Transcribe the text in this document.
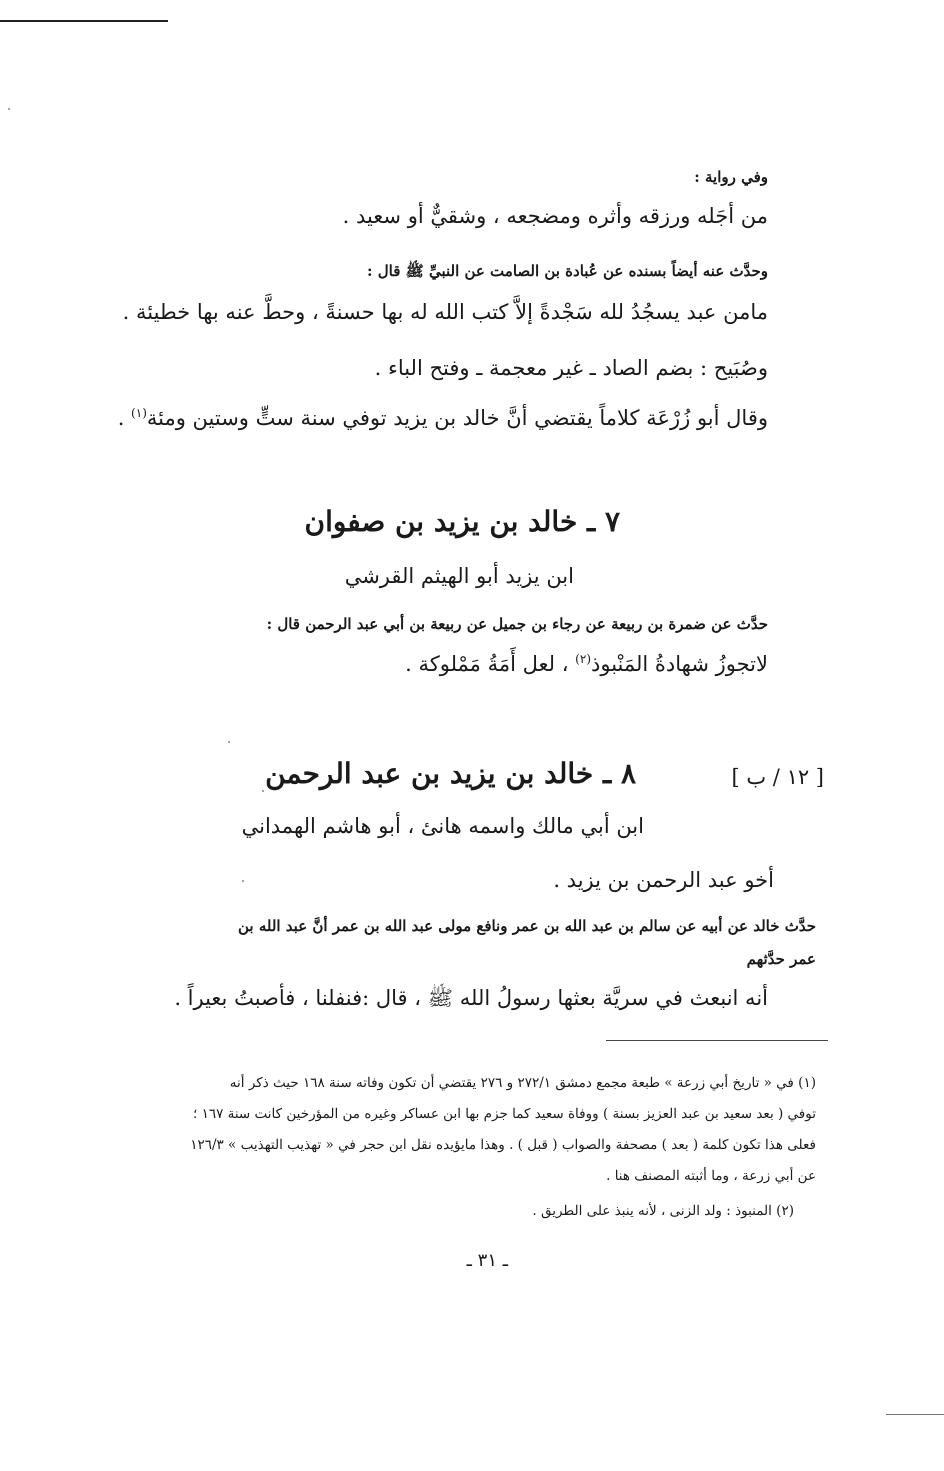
وفي رواية :
من أجَله ورزقه وأثره ومضجعه ، وشقيٌّ أو سعيد .
وحدَّث عنه أيضاً بسنده عن عُبادة بن الصامت عن النبيِّ ﷺ قال :
مامن عبد يسجُدُ لله سَجْدةً إلاَّ كتب الله له بها حسنةً ، وحطَّ عنه بها خطيئة .
وصُبَيح : بضم الصاد ـ غير معجمة ـ وفتح الباء .
وقال أبو زُرْعَة كلاماً يقتضي أنَّ خالد بن يزيد توفي سنة ستٍّ وستين ومئة$^{(١)}$ .
٧ ـ خالد بن يزيد بن صفوان
ابن يزيد أبو الهيثم القرشي
حدَّث عن ضمرة بن ربيعة عن رجاء بن جميل عن ربيعة بن أبي عبد الرحمن قال :
لاتجوزُ شهادةُ المَنْبوذ$^{(٢)}$ ، لعل أَمَةُ مَمْلوكة .
[ ١٢ / ب ]
٨ ـ خالد بن يزيد بن عبد الرحمن
ابن أبي مالك واسمه هانئ ، أبو هاشم الهمداني
أخو عبد الرحمن بن يزيد .
حدَّث خالد عن أبيه عن سالم بن عبد الله بن عمر ونافع مولى عبد الله بن عمر أنَّ عبد الله بن
عمر حدَّثهم
أنه انبعث في سريَّة بعثها رسولُ الله ﷺ ، قال :فنفلنا ، فأصبتُ بعيراً .
(١) في « تاريخ أبي زرعة » طبعة مجمع دمشق ٢٧٢/١ و ٢٧٦ يقتضي أن تكون وفاته سنة ١٦٨ حيث ذكر أنه
توفي ( بعد سعيد بن عبد العزيز بسنة ) ووفاة سعيد كما جزم بها ابن عساكر وغيره من المؤرخين كانت سنة ١٦٧ ؛
فعلى هذا تكون كلمة ( بعد ) مصحفة والصواب ( قبل ) . وهذا مايؤيده نقل ابن حجر في « تهذيب التهذيب » ١٢٦/٣
عن أبي زرعة ، وما أثبته المصنف هنا .
(٢) المنبوذ : ولد الزنى ، لأنه ينبذ على الطريق .
ـ ٣١ ـ
